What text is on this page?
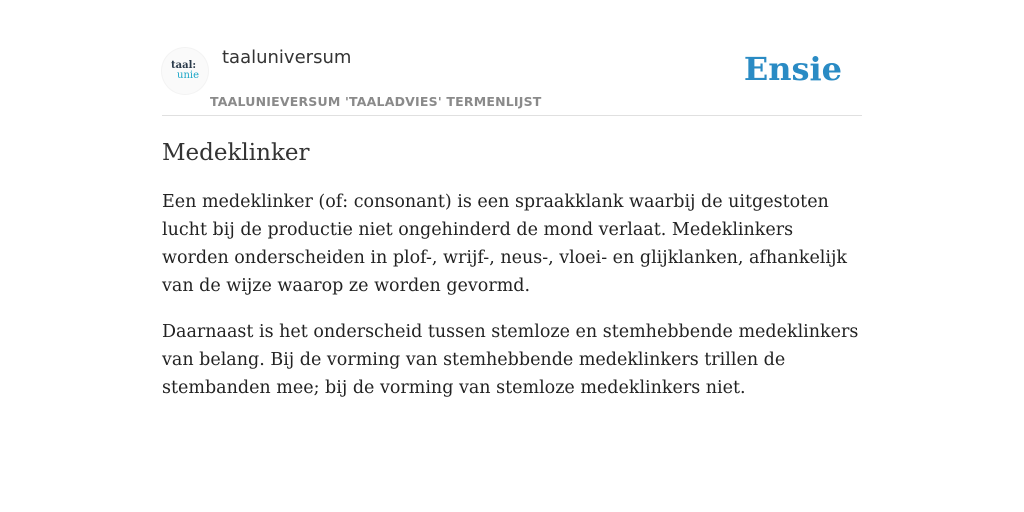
taal:
unie
taaluniversum
TAALUNIEVERSUM 'TAALADVIES' TERMENLIJST
Ensie
Medeklinker

Een medeklinker (of: consonant) is een spraakklank waarbij de uitgestoten lucht bij de productie niet ongehinderd de mond verlaat. Medeklinkers worden onderscheiden in plof-, wrijf-, neus-, vloei- en glijklanken, afhankelijk van de wijze waarop ze worden gevormd.

Daarnaast is het onderscheid tussen stemloze en stemhebbende medeklinkers van belang. Bij de vorming van stemhebbende medeklinkers trillen de stembanden mee; bij de vorming van stemloze medeklinkers niet.
